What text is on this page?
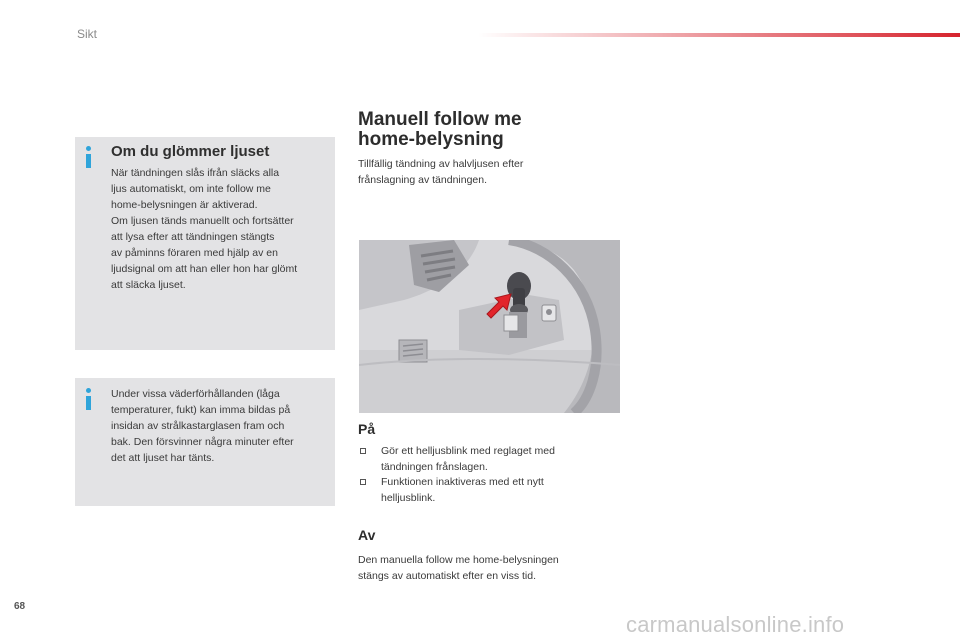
Sikt
Om du glömmer ljuset

När tändningen slås ifrån släcks alla
ljus automatiskt, om inte follow me
home-belysningen är aktiverad.
Om ljusen tänds manuellt och fortsätter
att lysa efter att tändningen stängts
av påminns föraren med hjälp av en
ljudsignal om att han eller hon har glömt
att släcka ljuset.

Under vissa väderförhållanden (låga
temperaturer, fukt) kan imma bildas på
insidan av strålkastarglasen fram och
bak. Den försvinner några minuter efter
det att ljuset har tänts.

Manuell follow me
home-belysning

Tillfällig tändning av halvljusen efter
frånslagning av tändningen.

På
Gör ett helljusblink med reglaget med
tändningen frånslagen.
Funktionen inaktiveras med ett nytt
helljusblink.
Av

Den manuella follow me home-belysningen
stängs av automatiskt efter en viss tid.

68
carmanualsonline.info
